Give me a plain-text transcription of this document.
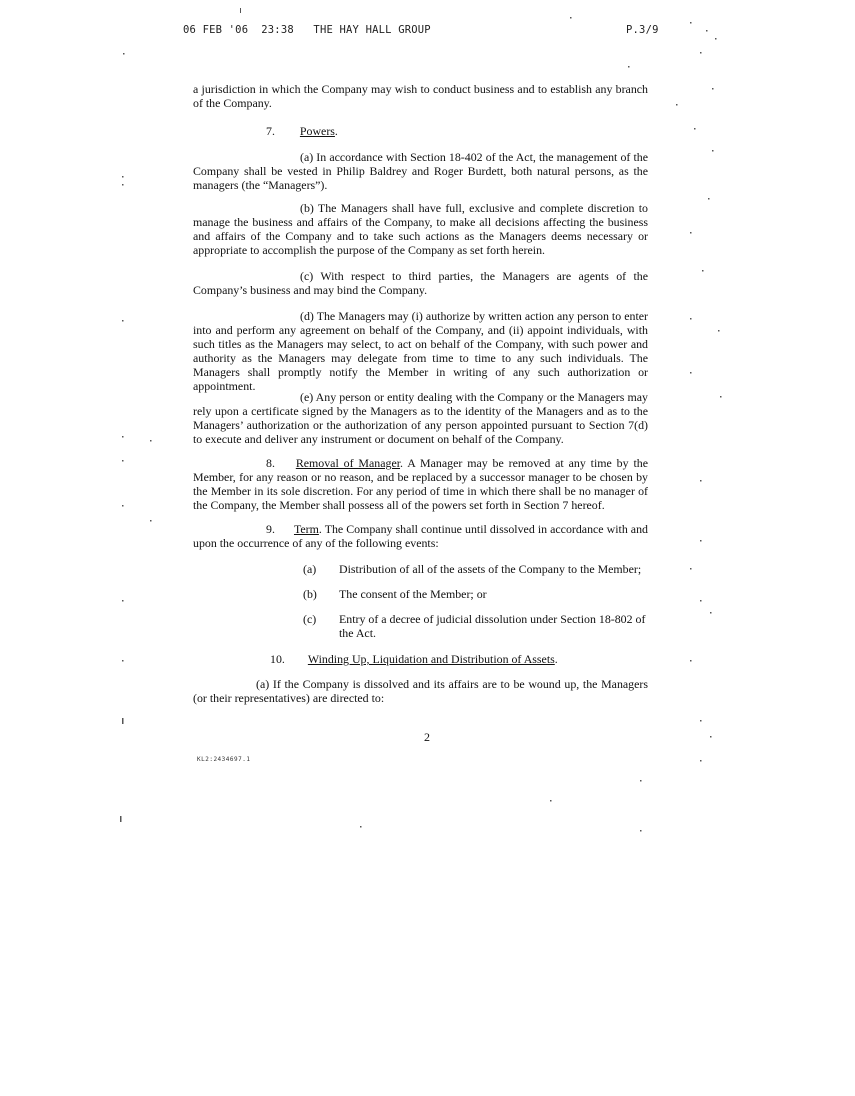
06 FEB '06  23:38   THE HAY HALL GROUP	P.3/9

a jurisdiction in which the Company may wish to conduct business and to establish any branch of the Company.

7. Powers.

(a) In accordance with Section 18-402 of the Act, the management of the Company shall be vested in Philip Baldrey and Roger Burdett, both natural persons, as the managers (the “Managers”).

(b) The Managers shall have full, exclusive and complete discretion to manage the business and affairs of the Company, to make all decisions affecting the business and affairs of the Company and to take such actions as the Managers deems necessary or appropriate to accomplish the purpose of the Company as set forth herein.

(c) With respect to third parties, the Managers are agents of the Company’s business and may bind the Company.

(d) The Managers may (i) authorize by written action any person to enter into and perform any agreement on behalf of the Company, and (ii) appoint individuals, with such titles as the Managers may select, to act on behalf of the Company, with such power and authority as the Managers may delegate from time to time to any such individuals. The Managers shall promptly notify the Member in writing of any such authorization or appointment.

(e) Any person or entity dealing with the Company or the Managers may rely upon a certificate signed by the Managers as to the identity of the Managers and as to the Managers’ authorization or the authorization of any person appointed pursuant to Section 7(d) to execute and deliver any instrument or document on behalf of the Company.

8. Removal of Manager. A Manager may be removed at any time by the Member, for any reason or no reason, and be replaced by a successor manager to be chosen by the Member in its sole discretion. For any period of time in which there shall be no manager of the Company, the Member shall possess all of the powers set forth in Section 7 hereof.

9. Term. The Company shall continue until dissolved in accordance with and upon the occurrence of any of the following events:

(a) Distribution of all of the assets of the Company to the Member;
(b) The consent of the Member; or
(c) Entry of a decree of judicial dissolution under Section 18-802 of
the Act.
10. Winding Up, Liquidation and Distribution of Assets.

(a) If the Company is dissolved and its affairs are to be wound up, the Managers (or their representatives) are directed to:

2
KL2:2434697.1
